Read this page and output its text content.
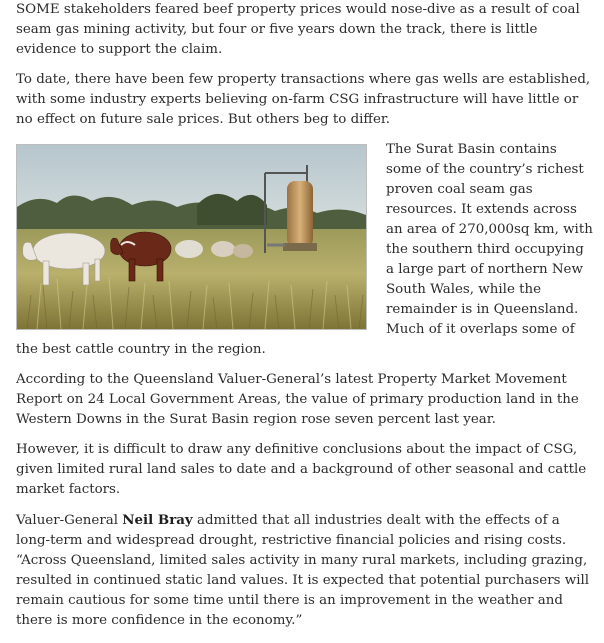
SOME stakeholders feared beef property prices would nose-dive as a result of coal seam gas mining activity, but four or five years down the track, there is little evidence to support the claim.

To date, there have been few property transactions where gas wells are established, with some industry experts believing on-farm CSG infrastructure will have little or no effect on future sale prices. But others beg to differ.

The Surat Basin contains some of the country’s richest proven coal seam gas resources. It extends across an area of 270,000sq km, with the southern third occupying a large part of northern New South Wales, while the remainder is in Queensland. Much of it overlaps some of the best cattle country in the region.

According to the Queensland Valuer-General’s latest Property Market Movement Report on 24 Local Government Areas, the value of primary production land in the Western Downs in the Surat Basin region rose seven percent last year.

However, it is difficult to draw any definitive conclusions about the impact of CSG, given limited rural land sales to date and a background of other seasonal and cattle market factors.

Valuer-General Neil Bray admitted that all industries dealt with the effects of a long-term and widespread drought, restrictive financial policies and rising costs. “Across Queensland, limited sales activity in many rural markets, including grazing, resulted in continued static land values. It is expected that potential purchasers will remain cautious for some time until there is an improvement in the weather and there is more confidence in the economy.”
